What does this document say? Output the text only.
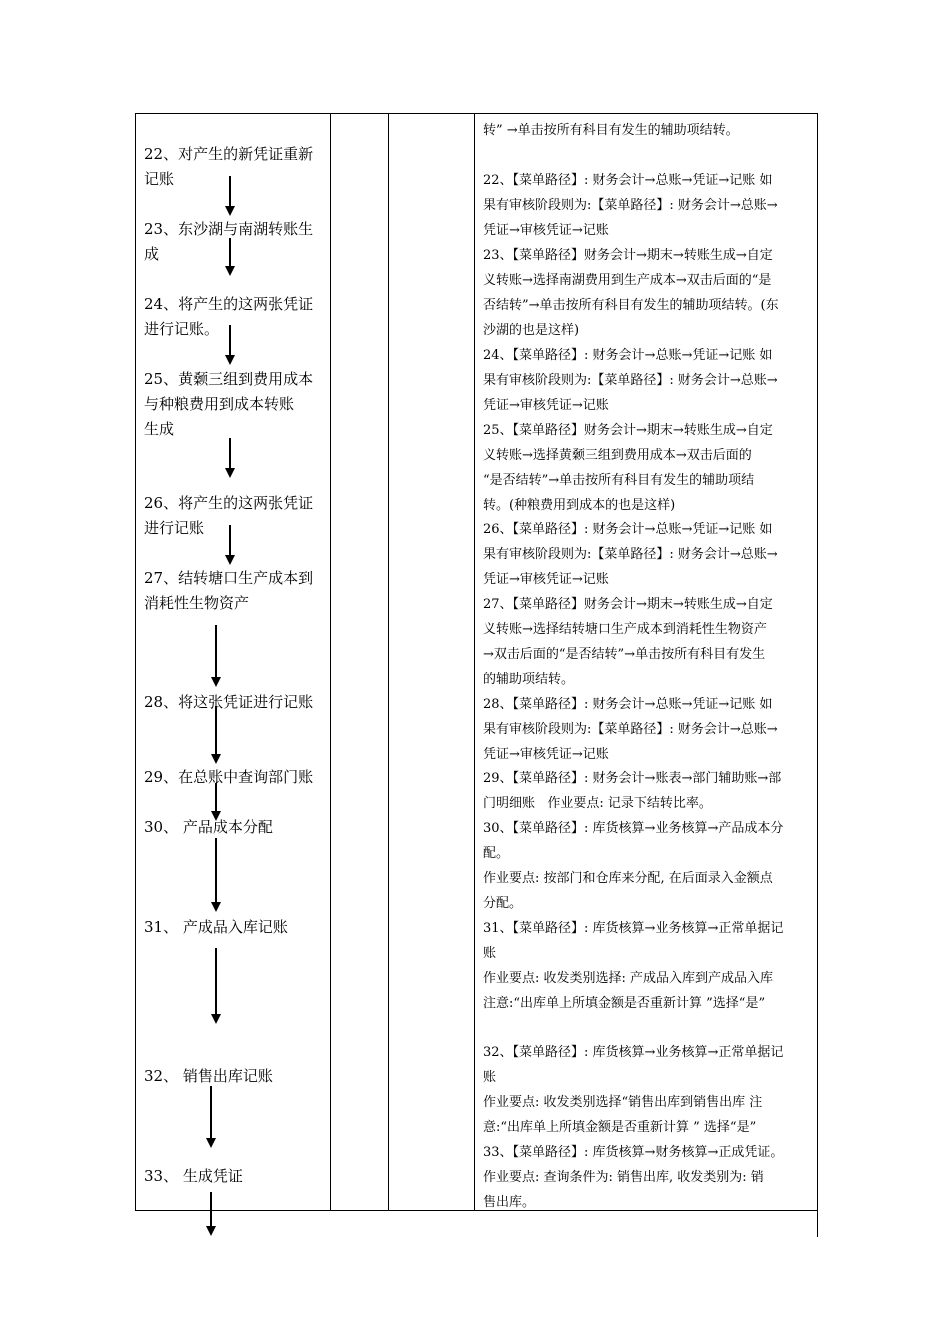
22、对产生的新凭证重新
记账
23、东沙湖与南湖转账生
成
24、将产生的这两张凭证
进行记账。
25、黄颡三组到费用成本
与种粮费用到成本转账
生成
26、将产生的这两张凭证
进行记账
27、结转塘口生产成本到
消耗性生物资产
28、将这张凭证进行记账
29、在总账中查询部门账
30、 产品成本分配
31、 产成品入库记账
32、 销售出库记账
33、 生成凭证
转” →单击按所有科目有发生的辅助项结转。
22、【菜单路径】: 财务会计→总账→凭证→记账 如
果有审核阶段则为:【菜单路径】: 财务会计→总账→
凭证→审核凭证→记账
23、【菜单路径】财务会计→期末→转账生成→自定
义转账→选择南湖费用到生产成本→双击后面的“是
否结转”→单击按所有科目有发生的辅助项结转。(东
沙湖的也是这样)
24、【菜单路径】: 财务会计→总账→凭证→记账 如
果有审核阶段则为:【菜单路径】: 财务会计→总账→
凭证→审核凭证→记账
25、【菜单路径】财务会计→期末→转账生成→自定
义转账→选择黄颡三组到费用成本→双击后面的
“是否结转”→单击按所有科目有发生的辅助项结
转。(种粮费用到成本的也是这样)
26、【菜单路径】: 财务会计→总账→凭证→记账 如
果有审核阶段则为:【菜单路径】: 财务会计→总账→
凭证→审核凭证→记账
27、【菜单路径】财务会计→期末→转账生成→自定
义转账→选择结转塘口生产成本到消耗性生物资产
→双击后面的“是否结转”→单击按所有科目有发生
的辅助项结转。
28、【菜单路径】: 财务会计→总账→凭证→记账 如
果有审核阶段则为:【菜单路径】: 财务会计→总账→
凭证→审核凭证→记账
29、【菜单路径】: 财务会计→账表→部门辅助账→部
门明细账   作业要点: 记录下结转比率。
30、【菜单路径】: 库货核算→业务核算→产品成本分
配。
作业要点: 按部门和仓库来分配, 在后面录入金额点
分配。
31、【菜单路径】: 库货核算→业务核算→正常单据记
账
作业要点: 收发类别选择: 产成品入库到产成品入库
注意:“出库单上所填金额是否重新计算 ”选择“是”
32、【菜单路径】: 库货核算→业务核算→正常单据记
账
作业要点: 收发类别选择“销售出库到销售出库 注
意:“出库单上所填金额是否重新计算 ” 选择“是”
33、【菜单路径】: 库货核算→财务核算→正成凭证。
作业要点: 查询条件为: 销售出库, 收发类别为: 销
售出库。
